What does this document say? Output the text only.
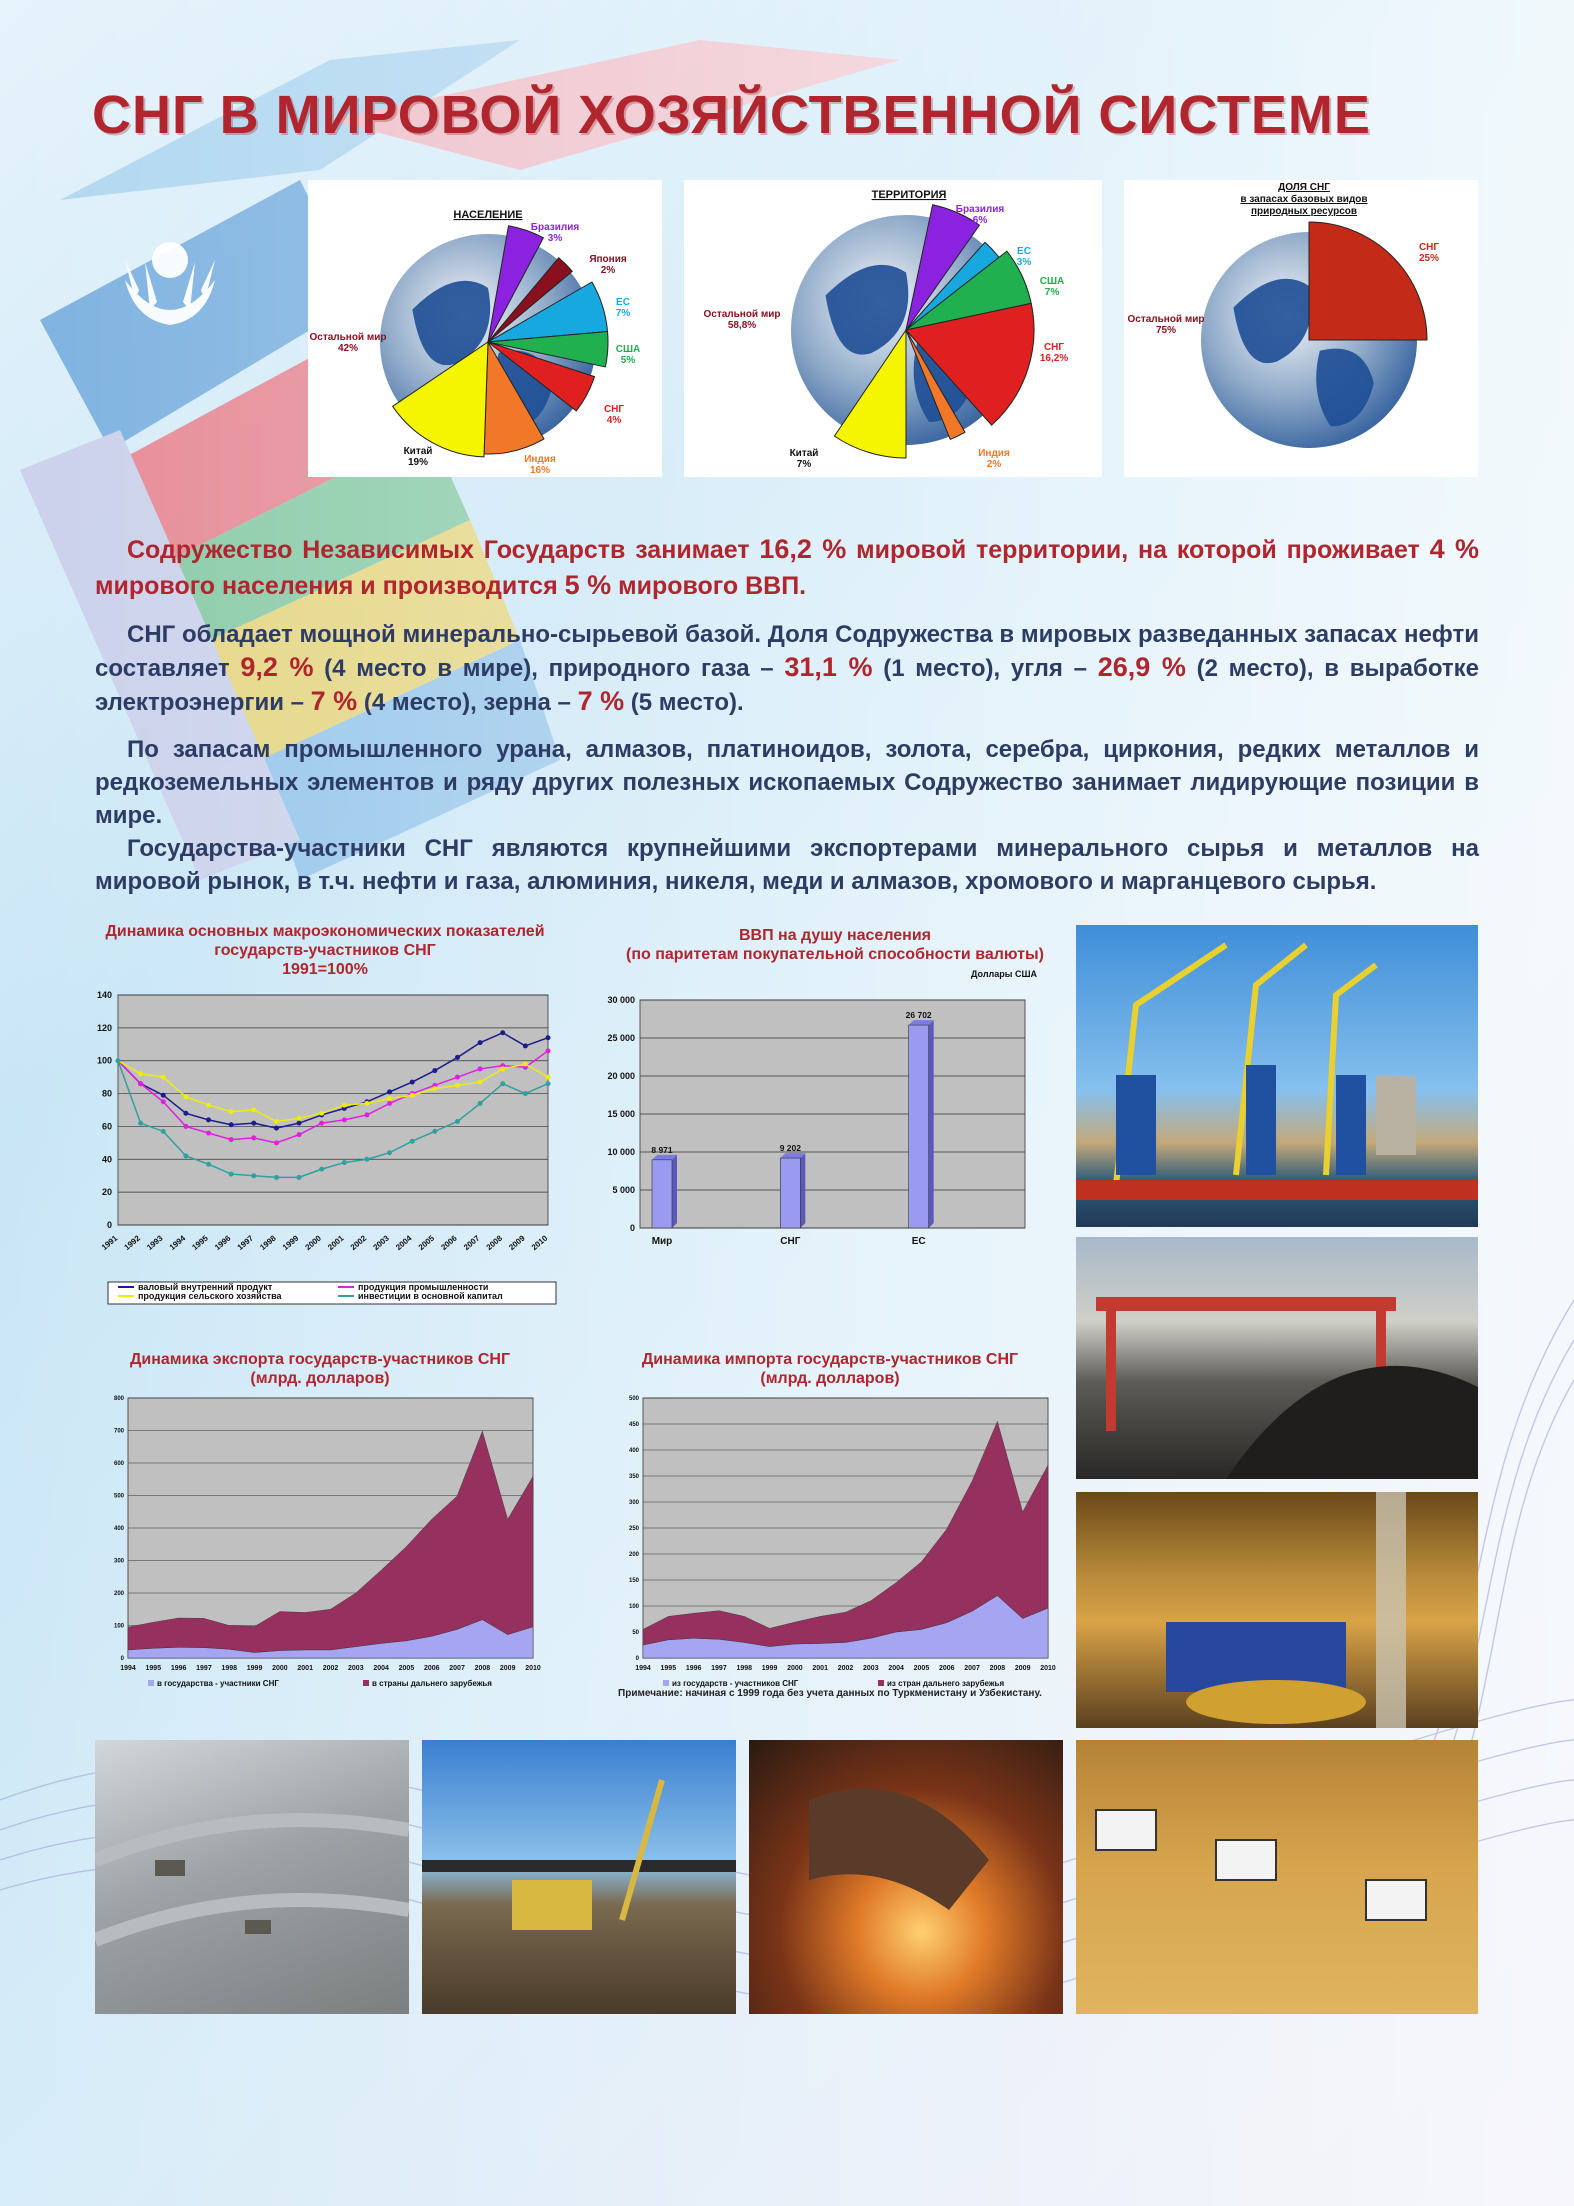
СНГ В МИРОВОЙ ХОЗЯЙСТВЕННОЙ СИСТЕМЕ
НАСЕЛЕНИЕ
Бразилия
3%
Япония
2%
ЕС
7%
США
5%
СНГ
4%
Индия
16%
Китай
19%
Остальной мир
42%
ТЕРРИТОРИЯ
Бразилия
6%
ЕС
3%
США
7%
СНГ
16,2%
Индия
2%
Китай
7%
Остальной мир
58,8%
ДОЛЯ СНГ
в запасах базовых видов
природных ресурсов
СНГ
25%
Остальной мир
75%

Содружество Независимых Государств занимает 16,2 % мировой территории, на которой проживает 4 % мирового населения и производится 5 % мирового ВВП.

СНГ обладает мощной минерально-сырьевой базой. Доля Содружества в мировых разведанных запасах нефти составляет 9,2 % (4 место в мире), природного газа – 31,1 % (1 место), угля – 26,9 % (2 место), в выработке электроэнергии – 7 % (4 место), зерна – 7 % (5 место).

По запасам промышленного урана, алмазов, платиноидов, золота, серебра, циркония, редких металлов и редкоземельных элементов и ряду других полезных ископаемых Содружество занимает лидирующие позиции в мире.

Государства-участники СНГ являются крупнейшими экспортерами минерального сырья и металлов на мировой рынок, в т.ч. нефти и газа, алюминия, никеля, меди и алмазов, хромового и марганцевого сырья.

Динамика основных макроэкономических показателей
государств-участников СНГ
1991=100%
0
20
40
60
80
100
120
140
1991 1992 1993 1994 1995 1996 1997 1998 1999 2000 2001 2002 2003 2004 2005 2006 2007 2008 2009 2010
валовый внутренний продукт	продукция промышленности
продукция сельского хозяйства	инвестиции в основной капитал
ВВП на душу населения
(по паритетам покупательной способности валюты)
Доллары США
0
5 000
10 000
15 000
20 000
25 000
30 000
8 971
Мир
9 202
СНГ
26 702
ЕС
Динамика экспорта государств-участников СНГ
(млрд. долларов)
0
100
200
300
400
500
600
700
800
1994 1995 1996 1997 1998 1999 2000 2001 2002 2003 2004 2005 2006 2007 2008 2009 2010
в государства - участники СНГ	в страны дальнего зарубежья
Динамика импорта государств-участников СНГ
(млрд. долларов)
0
50
100
150
200
250
300
350
400
450
500
1994 1995 1996 1997 1998 1999 2000 2001 2002 2003 2004 2005 2006 2007 2008 2009 2010
из государств - участников СНГ	из стран дальнего зарубежья
Примечание: начиная с 1999 года без учета данных по Туркменистану и Узбекистану.
